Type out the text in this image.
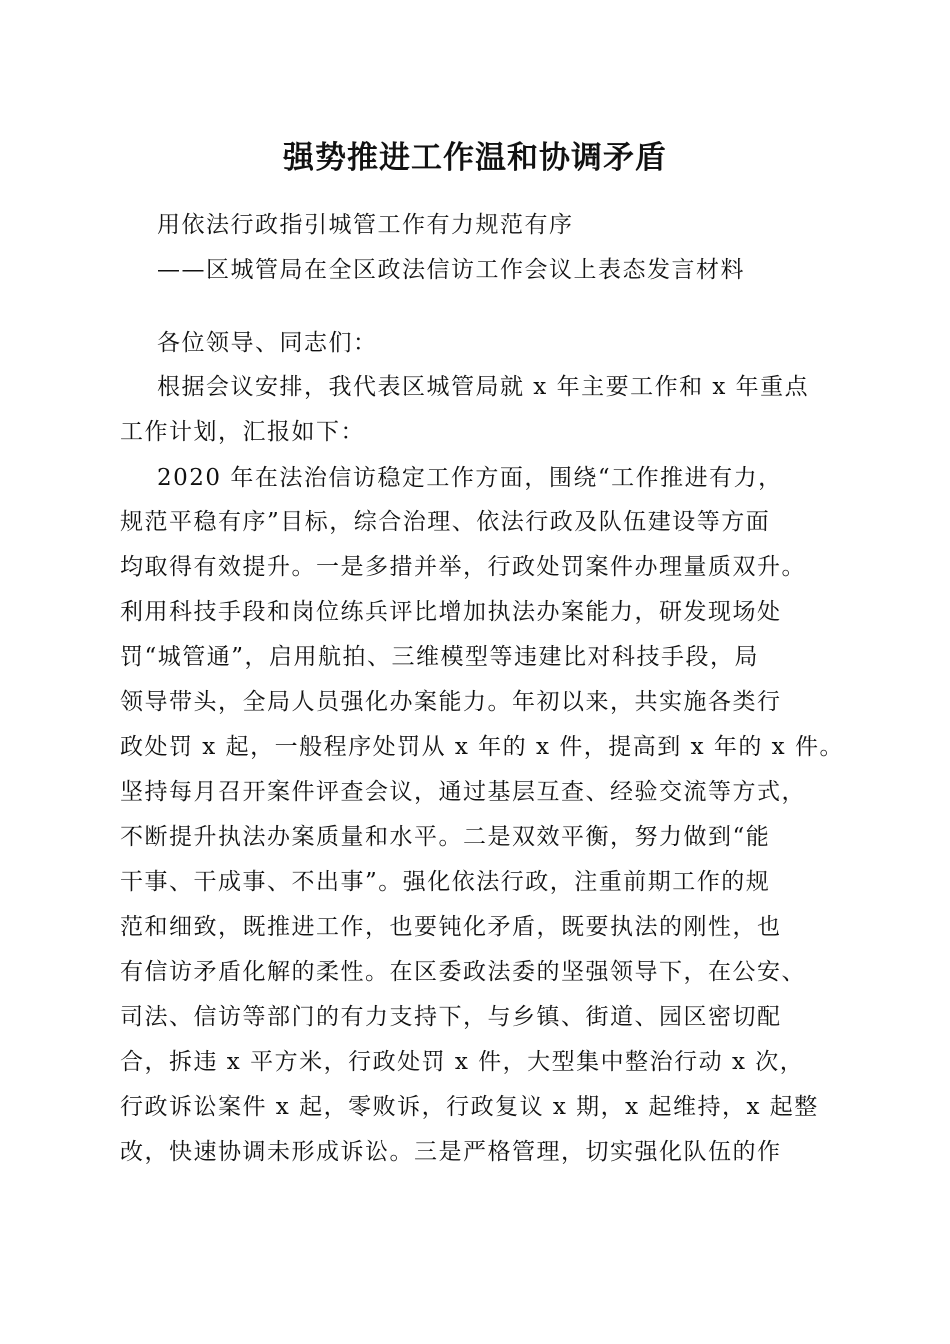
强势推进工作温和协调矛盾
用依法行政指引城管工作有力规范有序
——区城管局在全区政法信访工作会议上表态发言材料
各位领导、同志们：
根据会议安排，我代表区城管局就 x 年主要工作和 x 年重点
工作计划，汇报如下：
2020 年在法治信访稳定工作方面，围绕“工作推进有力，
规范平稳有序”目标，综合治理、依法行政及队伍建设等方面
均取得有效提升。一是多措并举，行政处罚案件办理量质双升。
利用科技手段和岗位练兵评比增加执法办案能力，研发现场处
罚“城管通”，启用航拍、三维模型等违建比对科技手段，局
领导带头，全局人员强化办案能力。年初以来，共实施各类行
政处罚 x 起，一般程序处罚从 x 年的 x 件，提高到 x 年的 x 件。
坚持每月召开案件评查会议，通过基层互查、经验交流等方式，
不断提升执法办案质量和水平。二是双效平衡，努力做到“能
干事、干成事、不出事”。强化依法行政，注重前期工作的规
范和细致，既推进工作，也要钝化矛盾，既要执法的刚性，也
有信访矛盾化解的柔性。在区委政法委的坚强领导下，在公安、
司法、信访等部门的有力支持下，与乡镇、街道、园区密切配
合，拆违 x 平方米，行政处罚 x 件，大型集中整治行动 x 次，
行政诉讼案件 x 起，零败诉，行政复议 x 期，x 起维持，x 起整
改，快速协调未形成诉讼。三是严格管理，切实强化队伍的作
